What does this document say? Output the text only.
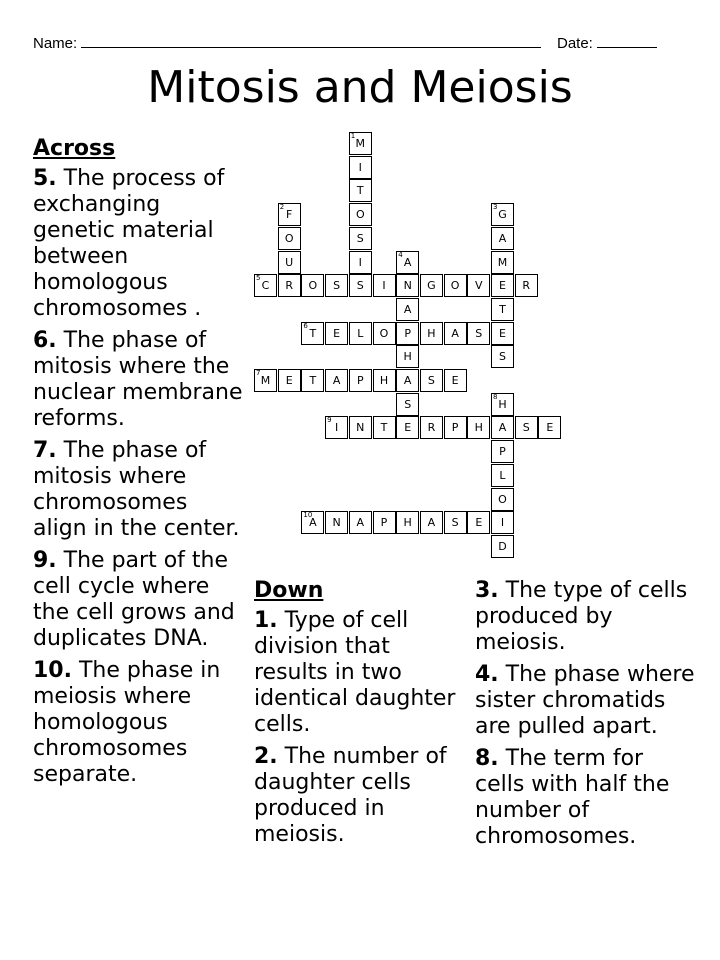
Name:	Date:
Mitosis and Meiosis
1
M
I
T
O
S
I
S
2
F
O
U
R
3
G
A
M
E
T
E
S
4
A
N
A
P
H
A
S
E
5
C	O	S	I	G	O	V	R
6
T	E	L	O	H	A	S
7
M	E	T	A	P	H	S	E
8
H
A
P
L
O
I
D
9
I	N	T	R	P	H	S	E
10
A	N	A	P	H	A	S	E
Across
5. The process of exchanging genetic material between homologous chromosomes .
6. The phase of mitosis where the nuclear membrane reforms.
7. The phase of mitosis where chromosomes align in the center.
9. The part of the cell cycle where the cell grows and duplicates DNA.
10. The phase in meiosis where homologous chromosomes separate.
Down
1. Type of cell division that results in two identical daughter cells.
2. The number of daughter cells produced in meiosis.
3. The type of cells produced by meiosis.
4. The phase where sister chromatids are pulled apart.
8. The term for cells with half the number of chromosomes.
